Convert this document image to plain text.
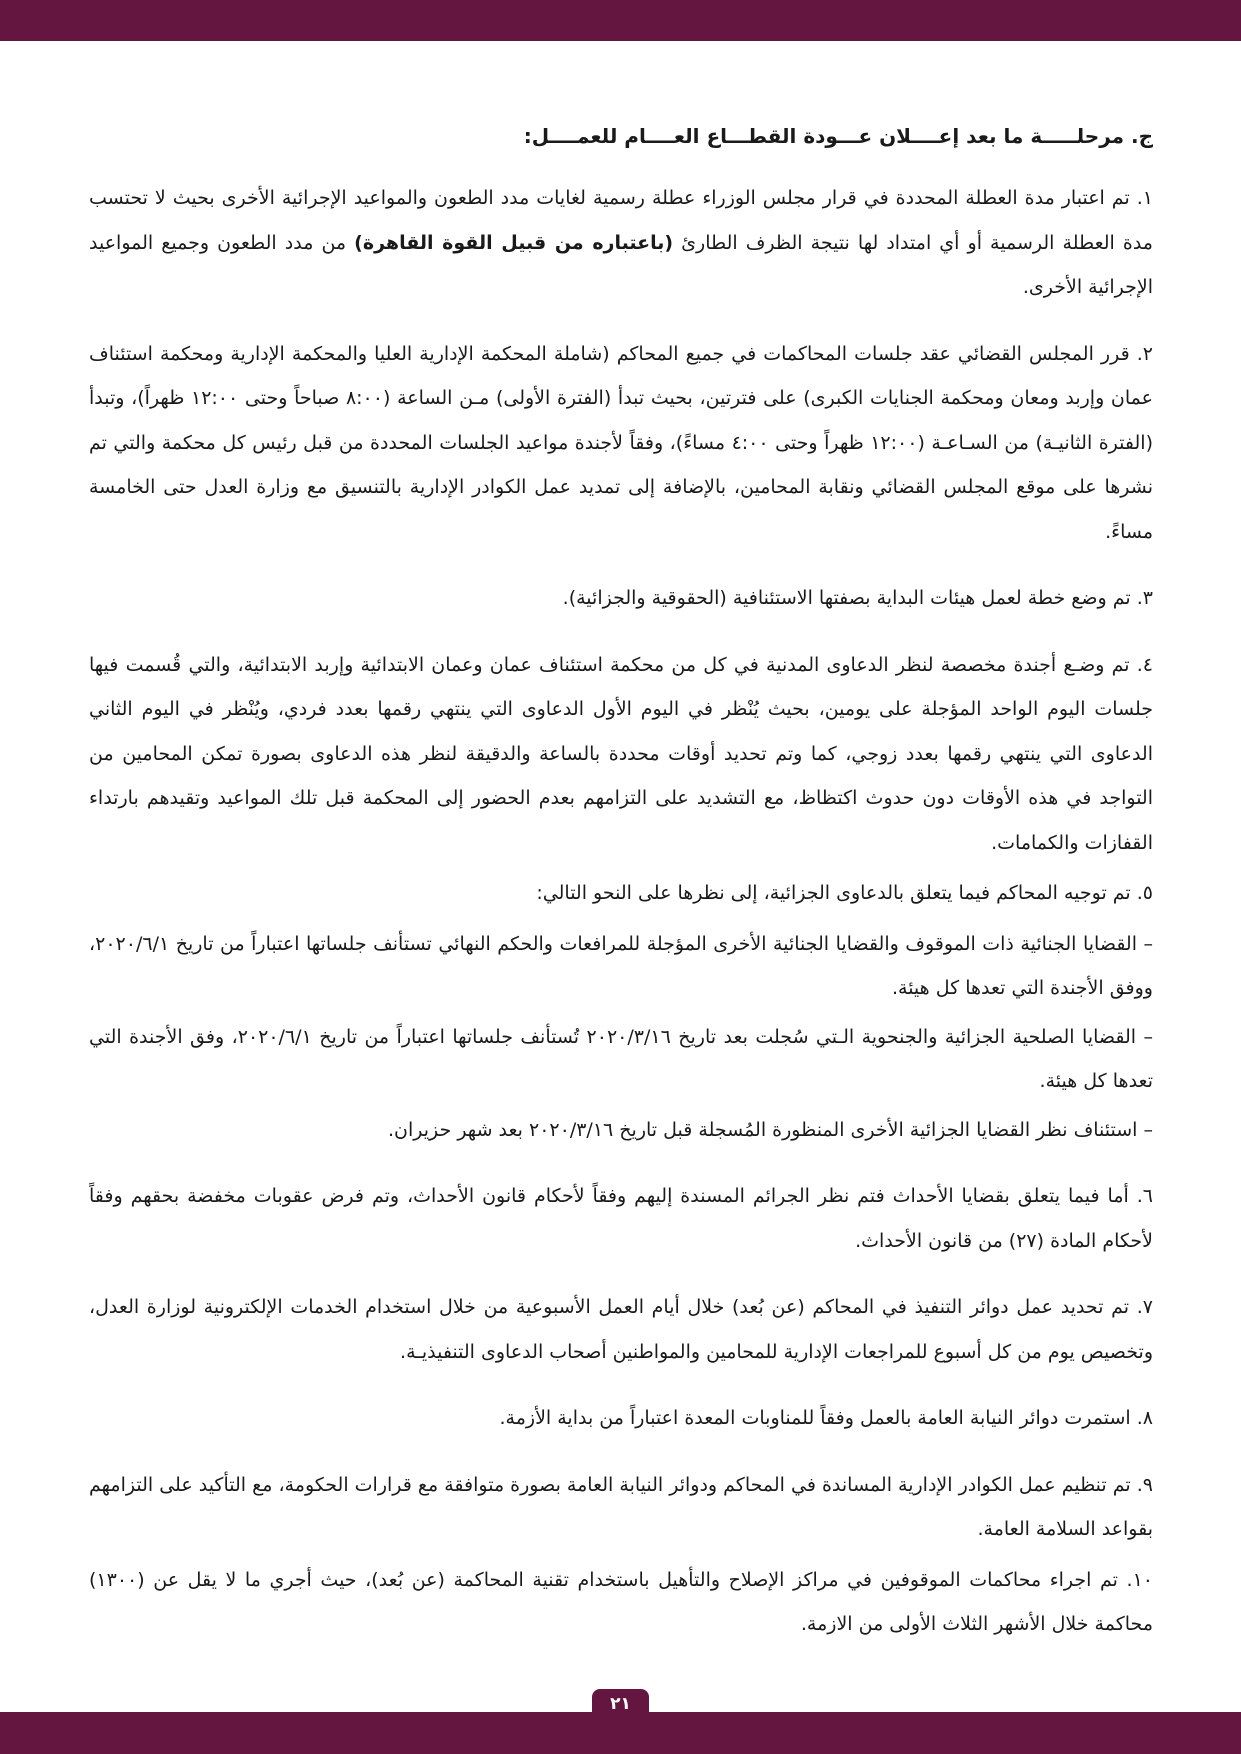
ج. مرحلـــــة ما بعد إعــــلان عـــودة القطـــاع العــــام للعمــــل:

١. تم اعتبار مدة العطلة المحددة في قرار مجلس الوزراء عطلة رسمية لغايات مدد الطعون والمواعيد الإجرائية الأخرى بحيث لا تحتسب مدة العطلة الرسمية أو أي امتداد لها نتيجة الظرف الطارئ (باعتباره من قبيل القوة القاهرة) من مدد الطعون وجميع المواعيد الإجرائية الأخرى.

٢. قرر المجلس القضائي عقد جلسات المحاكمات في جميع المحاكم (شاملة المحكمة الإدارية العليا والمحكمة الإدارية ومحكمة استئناف عمان وإربد ومعان ومحكمة الجنايات الكبرى) على فترتين، بحيث تبدأ (الفترة الأولى) مـن الساعة (٨:٠٠ صباحاً وحتى ١٢:٠٠ ظهراً)، وتبدأ (الفترة الثانيـة) من السـاعـة (١٢:٠٠ ظهراً وحتى ٤:٠٠ مساءً)، وفقاً لأجندة مواعيد الجلسات المحددة من قبل رئيس كل محكمة والتي تم نشرها على موقع المجلس القضائي ونقابة المحامين، بالإضافة إلى تمديد عمل الكوادر الإدارية بالتنسيق مع وزارة العدل حتى الخامسة مساءً.

٣. تم وضع خطة لعمل هيئات البداية بصفتها الاستئنافية (الحقوقية والجزائية).

٤. تم وضـع أجندة مخصصة لنظر الدعاوى المدنية في كل من محكمة استئناف عمان وعمان الابتدائية وإربد الابتدائية، والتي قُسمت فيها جلسات اليوم الواحد المؤجلة على يومين، بحيث يُنْظر في اليوم الأول الدعاوى التي ينتهي رقمها بعدد فردي، ويُنْظر في اليوم الثاني الدعاوى التي ينتهي رقمها بعدد زوجي، كما وتم تحديد أوقات محددة بالساعة والدقيقة لنظر هذه الدعاوى بصورة تمكن المحامين من التواجد في هذه الأوقات دون حدوث اكتظاظ، مع التشديد على التزامهم بعدم الحضور إلى المحكمة قبل تلك المواعيد وتقيدهم بارتداء القفازات والكمامات.

٥. تم توجيه المحاكم فيما يتعلق بالدعاوى الجزائية، إلى نظرها على النحو التالي:

– القضايا الجنائية ذات الموقوف والقضايا الجنائية الأخرى المؤجلة للمرافعات والحكم النهائي تستأنف جلساتها اعتباراً من تاريخ ٢٠٢٠/٦/١، ووفق الأجندة التي تعدها كل هيئة.

– القضايا الصلحية الجزائية والجنحوية الـتي سُجلت بعد تاريخ ٢٠٢٠/٣/١٦ تُستأنف جلساتها اعتباراً من تاريخ ٢٠٢٠/٦/١، وفق الأجندة التي تعدها كل هيئة.

– استئناف نظر القضايا الجزائية الأخرى المنظورة المُسجلة قبل تاريخ ٢٠٢٠/٣/١٦ بعد شهر حزيران.

٦. أما فيما يتعلق بقضايا الأحداث فتم نظر الجرائم المسندة إليهم وفقاً لأحكام قانون الأحداث، وتم فرض عقوبات مخفضة بحقهم وفقاً لأحكام المادة (٢٧) من قانون الأحداث.

٧. تم تحديد عمل دوائر التنفيذ في المحاكم (عن بُعد) خلال أيام العمل الأسبوعية من خلال استخدام الخدمات الإلكترونية لوزارة العدل، وتخصيص يوم من كل أسبوع للمراجعات الإدارية للمحامين والمواطنين أصحاب الدعاوى التنفيذيـة.

٨. استمرت دوائر النيابة العامة بالعمل وفقاً للمناوبات المعدة اعتباراً من بداية الأزمة.

٩. تم تنظيم عمل الكوادر الإدارية المساندة في المحاكم ودوائر النيابة العامة بصورة متوافقة مع قرارات الحكومة، مع التأكيد على التزامهم بقواعد السلامة العامة.

١٠. تم اجراء محاكمات الموقوفين في مراكز الإصلاح والتأهيل باستخدام تقنية المحاكمة (عن بُعد)، حيث أجري ما لا يقل عن (١٣٠٠) محاكمة خلال الأشهر الثلاث الأولى من الازمة.

٢١
